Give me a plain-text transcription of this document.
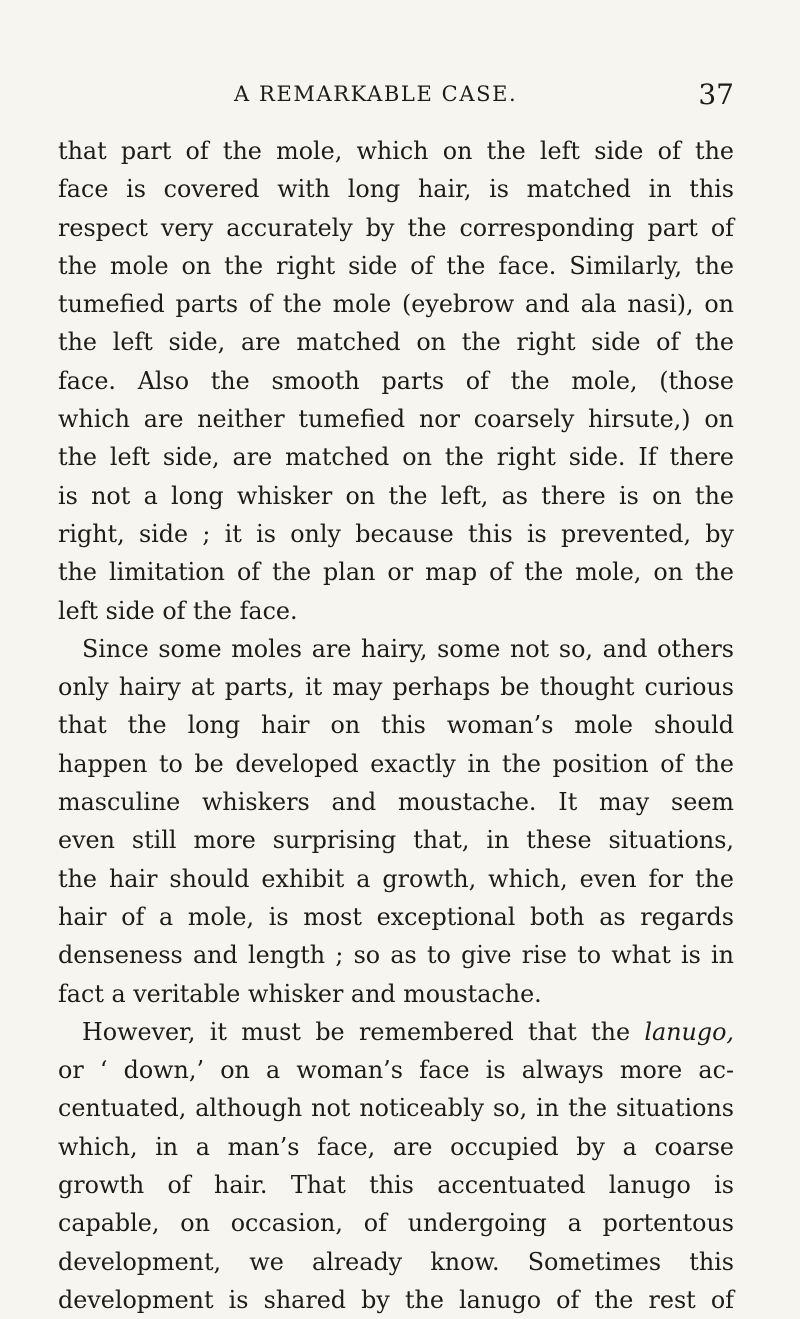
A REMARKABLE CASE.	37
that part of the mole, which on the left side of the
face is covered with long hair, is matched in this
respect very accurately by the corresponding part of
the mole on the right side of the face. Similarly, the
tumefied parts of the mole (eyebrow and ala nasi), on
the left side, are matched on the right side of the
face. Also the smooth parts of the mole, (those
which are neither tumefied nor coarsely hirsute,) on
the left side, are matched on the right side. If there
is not a long whisker on the left, as there is on the
right, side ; it is only because this is prevented, by
the limitation of the plan or map of the mole, on the
left side of the face.
Since some moles are hairy, some not so, and others
only hairy at parts, it may perhaps be thought curious
that the long hair on this woman’s mole should
happen to be developed exactly in the position of the
masculine whiskers and moustache. It may seem
even still more surprising that, in these situations,
the hair should exhibit a growth, which, even for the
hair of a mole, is most exceptional both as regards
denseness and length ; so as to give rise to what is in
fact a veritable whisker and moustache.
However, it must be remembered that the lanugo,
or ‘ down,’ on a woman’s face is always more ac-
centuated, although not noticeably so, in the situations
which, in a man’s face, are occupied by a coarse
growth of hair. That this accentuated lanugo is
capable, on occasion, of undergoing a portentous
development, we already know. Sometimes this
development is shared by the lanugo of the rest of
